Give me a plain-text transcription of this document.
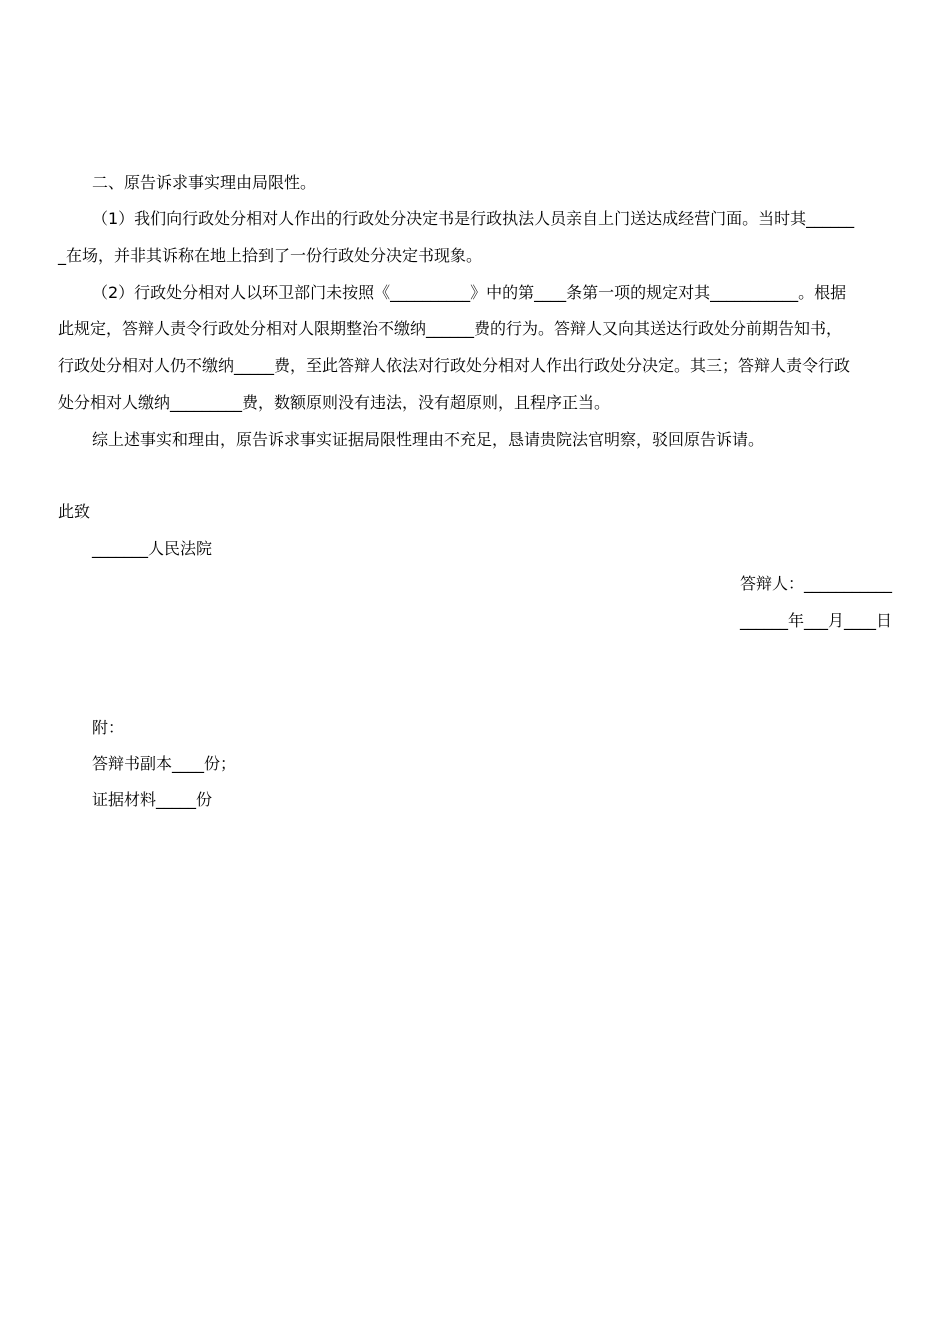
二、原告诉求事实理由局限性。
（1）我们向行政处分相对人作出的行政处分决定书是行政执法人员亲自上门送达成经营门面。当时其______
_在场，并非其诉称在地上拾到了一份行政处分决定书现象。
（2）行政处分相对人以环卫部门未按照《__________》中的第____条第一项的规定对其___________。根据
此规定，答辩人责令行政处分相对人限期整治不缴纳______费的行为。答辩人又向其送达行政处分前期告知书，
行政处分相对人仍不缴纳_____费，至此答辩人依法对行政处分相对人作出行政处分决定。其三；答辩人责令行政
处分相对人缴纳_________费，数额原则没有违法，没有超原则，且程序正当。
综上述事实和理由，原告诉求事实证据局限性理由不充足，恳请贵院法官明察，驳回原告诉请。
此致
_______人民法院
答辩人：___________
______年___月____日
附：
答辩书副本____份；
证据材料_____份
